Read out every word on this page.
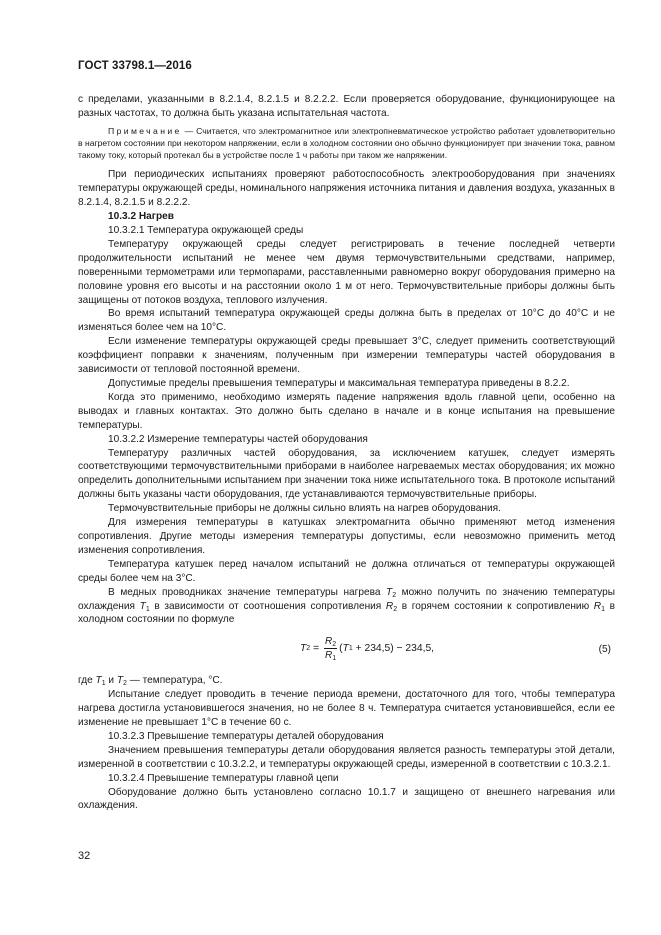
ГОСТ 33798.1—2016

с пределами, указанными в 8.2.1.4, 8.2.1.5 и 8.2.2.2. Если проверяется оборудование, функционирующее на разных частотах, то должна быть указана испытательная частота.

Примечание — Считается, что электромагнитное или электропневматическое устройство работает удовлетворительно в нагретом состоянии при некотором напряжении, если в холодном состоянии оно обычно функционирует при значении тока, равном такому току, который протекал бы в устройстве после 1 ч работы при таком же напряжении.

При периодических испытаниях проверяют работоспособность электрооборудования при значениях температуры окружающей среды, номинального напряжения источника питания и давления воздуха, указанных в 8.2.1.4, 8.2.1.5 и 8.2.2.2.

10.3.2 Нагрев

10.3.2.1 Температура окружающей среды

Температуру окружающей среды следует регистрировать в течение последней четверти продолжительности испытаний не менее чем двумя термочувствительными средствами, например, поверенными термометрами или термопарами, расставленными равномерно вокруг оборудования примерно на половине уровня его высоты и на расстоянии около 1 м от него. Термочувствительные приборы должны быть защищены от потоков воздуха, теплового излучения.

Во время испытаний температура окружающей среды должна быть в пределах от 10°С до 40°С и не изменяться более чем на 10°С.

Если изменение температуры окружающей среды превышает 3°С, следует применить соответствующий коэффициент поправки к значениям, полученным при измерении температуры частей оборудования в зависимости от тепловой постоянной времени.

Допустимые пределы превышения температуры и максимальная температура приведены в 8.2.2.

Когда это применимо, необходимо измерять падение напряжения вдоль главной цепи, особенно на выводах и главных контактах. Это должно быть сделано в начале и в конце испытания на превышение температуры.

10.3.2.2 Измерение температуры частей оборудования

Температуру различных частей оборудования, за исключением катушек, следует измерять соответствующими термочувствительными приборами в наиболее нагреваемых местах оборудования; их можно определить дополнительными испытанием при значении тока ниже испытательного тока. В протоколе испытаний должны быть указаны части оборудования, где устанавливаются термочувствительные приборы.

Термочувствительные приборы не должны сильно влиять на нагрев оборудования.

Для измерения температуры в катушках электромагнита обычно применяют метод изменения сопротивления. Другие методы измерения температуры допустимы, если невозможно применить метод изменения сопротивления.

Температура катушек перед началом испытаний не должна отличаться от температуры окружающей среды более чем на 3°С.

В медных проводниках значение температуры нагрева $T_2$ можно получить по значению температуры охлаждения $T_1$ в зависимости от соотношения сопротивления $R_2$ в горячем состоянии к сопротивлению $R_1$ в холодном состоянии по формуле

T $2 = \frac{R_2}{R_1}$ ( T 1 + 234,5) − 234,5,	(5)

где $T_1$ и $T_2$ — температура, °С.

Испытание следует проводить в течение периода времени, достаточного для того, чтобы температура нагрева достигла установившегося значения, но не более 8 ч. Температура считается установившейся, если ее изменение не превышает 1°С в течение 60 с.

10.3.2.3 Превышение температуры деталей оборудования

Значением превышения температуры детали оборудования является разность температуры этой детали, измеренной в соответствии с 10.3.2.2, и температуры окружающей среды, измеренной в соответствии с 10.3.2.1.

10.3.2.4 Превышение температуры главной цепи

Оборудование должно быть установлено согласно 10.1.7 и защищено от внешнего нагревания или охлаждения.

32
